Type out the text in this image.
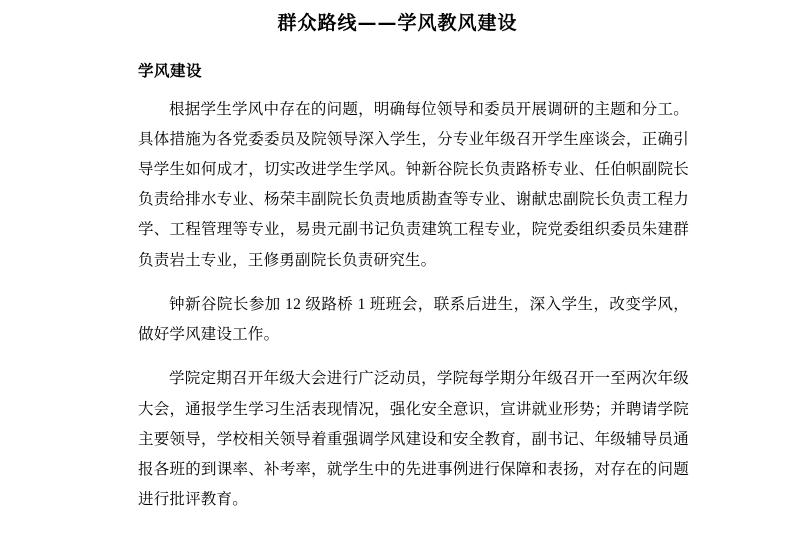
群众路线——学风教风建设
学风建设

根据学生学风中存在的问题，明确每位领导和委员开展调研的主题和分工。具体措施为各党委委员及院领导深入学生，分专业年级召开学生座谈会，正确引导学生如何成才，切实改进学生学风。钟新谷院长负责路桥专业、任伯帜副院长负责给排水专业、杨荣丰副院长负责地质勘查等专业、谢献忠副院长负责工程力学、工程管理等专业，易贵元副书记负责建筑工程专业，院党委组织委员朱建群负责岩土专业，王修勇副院长负责研究生。

钟新谷院长参加 12 级路桥 1 班班会，联系后进生，深入学生，改变学风，做好学风建设工作。

学院定期召开年级大会进行广泛动员，学院每学期分年级召开一至两次年级大会，通报学生学习生活表现情况，强化安全意识，宣讲就业形势；并聘请学院主要领导，学校相关领导着重强调学风建设和安全教育，副书记、年级辅导员通报各班的到课率、补考率，就学生中的先进事例进行保障和表扬，对存在的问题进行批评教育。
